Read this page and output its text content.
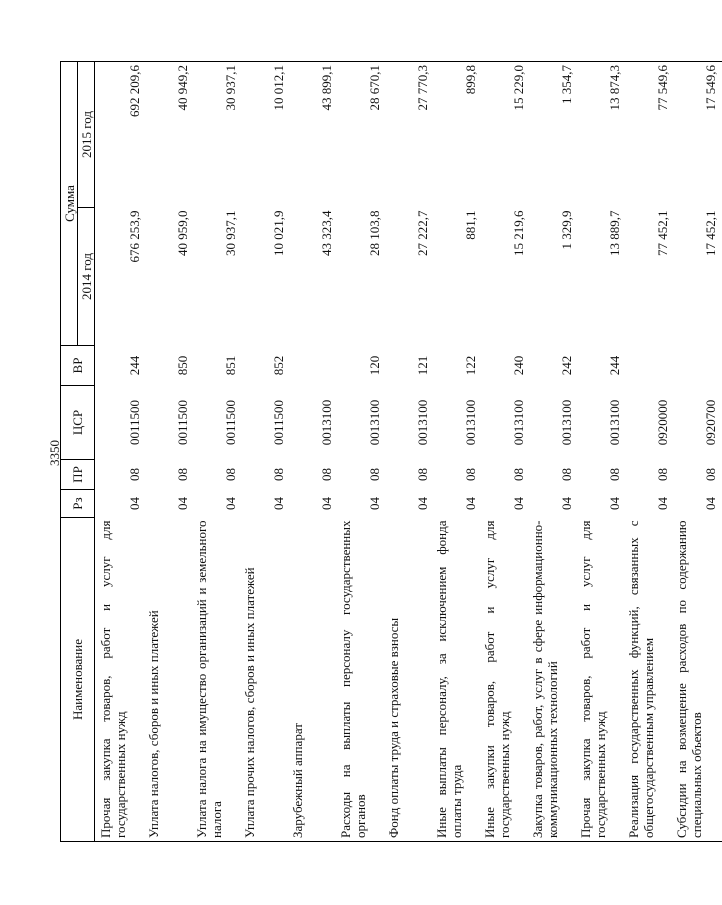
3350
Наименование	Рз	ПР	ЦСР	ВР	Сумма	
					2014 год	2015 год
Прочая закупка товаров, работ и услуг для государственных нужд	04	08	0011500	244	676 253,9	692 209,6
Уплата налогов, сборов и иных платежей	04	08	0011500	850	40 959,0	40 949,2
Уплата налога на имущество организаций и земельного налога	04	08	0011500	851	30 937,1	30 937,1
Уплата прочих налогов, сборов и иных платежей	04	08	0011500	852	10 021,9	10 012,1
Зарубежный аппарат	04	08	0013100		43 323,4	43 899,1
Расходы на выплаты персоналу государственных органов	04	08	0013100	120	28 103,8	28 670,1
Фонд оплаты труда и страховые взносы	04	08	0013100	121	27 222,7	27 770,3
Иные выплаты персоналу, за исключением фонда оплаты труда	04	08	0013100	122	881,1	899,8
Иные закупки товаров, работ и услуг для государственных нужд	04	08	0013100	240	15 219,6	15 229,0
Закупка товаров, работ, услуг в сфере информационно-коммуникационных технологий	04	08	0013100	242	1 329,9	1 354,7
Прочая закупка товаров, работ и услуг для государственных нужд	04	08	0013100	244	13 889,7	13 874,3
Реализация государственных функций, связанных с общегосударственным управлением	04	08	0920000		77 452,1	77 549,6
Субсидии на возмещение расходов по содержанию специальных объектов	04	08	0920700		17 452,1	17 549,6
